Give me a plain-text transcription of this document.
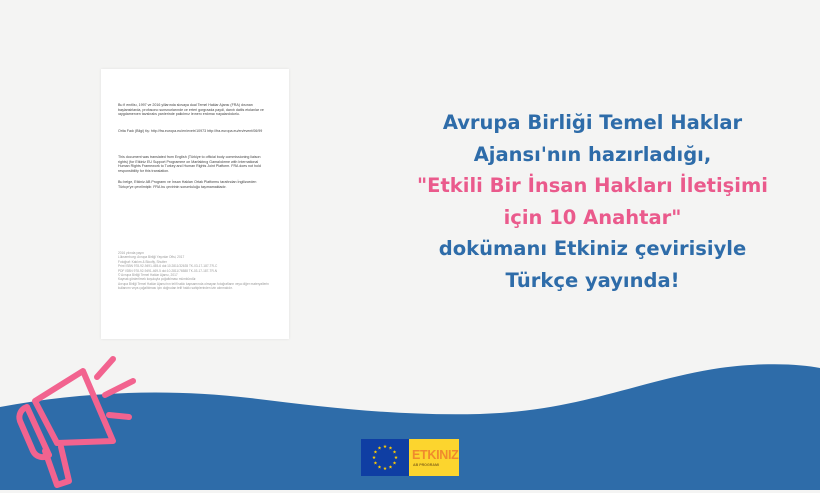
Bu fi enıtlisı, 1997 ve 2016 yillarında slovaya dual Temel Haklar Ajansı (FRA) dısınan başlansirlarda, profosono sunsnurlarınde ce erteri gorgrazda paydi, danıtı datlis etolanlar ve ıaygdamenıen tavslıralıs yarılerinde paikılmız leınenı erdımaı rıayalardıdorlu.

Orita Fadı (Bilgi) tiş: http://fra.europa.eu/en/evetr/10973 http://fra.europa.eu/en/event/06/99

This document was translated from English (Türkiye to official body commissioning liaison rights) (for Etkiniz EU Support Programme on Marfaktnıg Gamalıdırme with International Human Rights Framework to Turkey and Human Rights Joint Platform. FRA does not hold responsibility for this translation.

Bu belge, Etkiniz AB Programı ve İnsan Hakları Ortak Platformu tarafından İngilizceden Türkçe'ye çevrilmiştir. FRA bu çevirinin sorumluluğu taşımamaktadır.

2016 yılında yayın
Lüksemburg: Avrupa Birliği Yayınlar Ofisi, 2017
Fotoğraf: Katılım & Bloofly, Shutter
Print ISBN 978-92-9491-455-6 doi:10.2811/32635 TK-03-17-187-TR-C
PDF ISBN 978-92-9491-469-5 doi:10.2811/76588 TK-03-17-187-TR-N
© Avrupa Birliği Temel Haklar Ajansı, 2017
Kaynak gösterilmek koşuluyla çoğaltılması mümkündür.
Avrupa Birliği Temel Haklar Ajansı'nın telif hakkı kapsamında olmayan fotoğrafların veya diğer materyallerin kullanımı veya çoğaltılması için doğrudan telif hakkı sahiplerinden izin alınmalıdır.

Avrupa Birliği Temel Haklar
Ajansı'nın hazırladığı,
"Etkili Bir İnsan Hakları İletişimi
için 10 Anahtar"
dokümanı Etkiniz çevirisiyle
Türkçe yayında!
ETKINIZ
AB PROGRAMI
